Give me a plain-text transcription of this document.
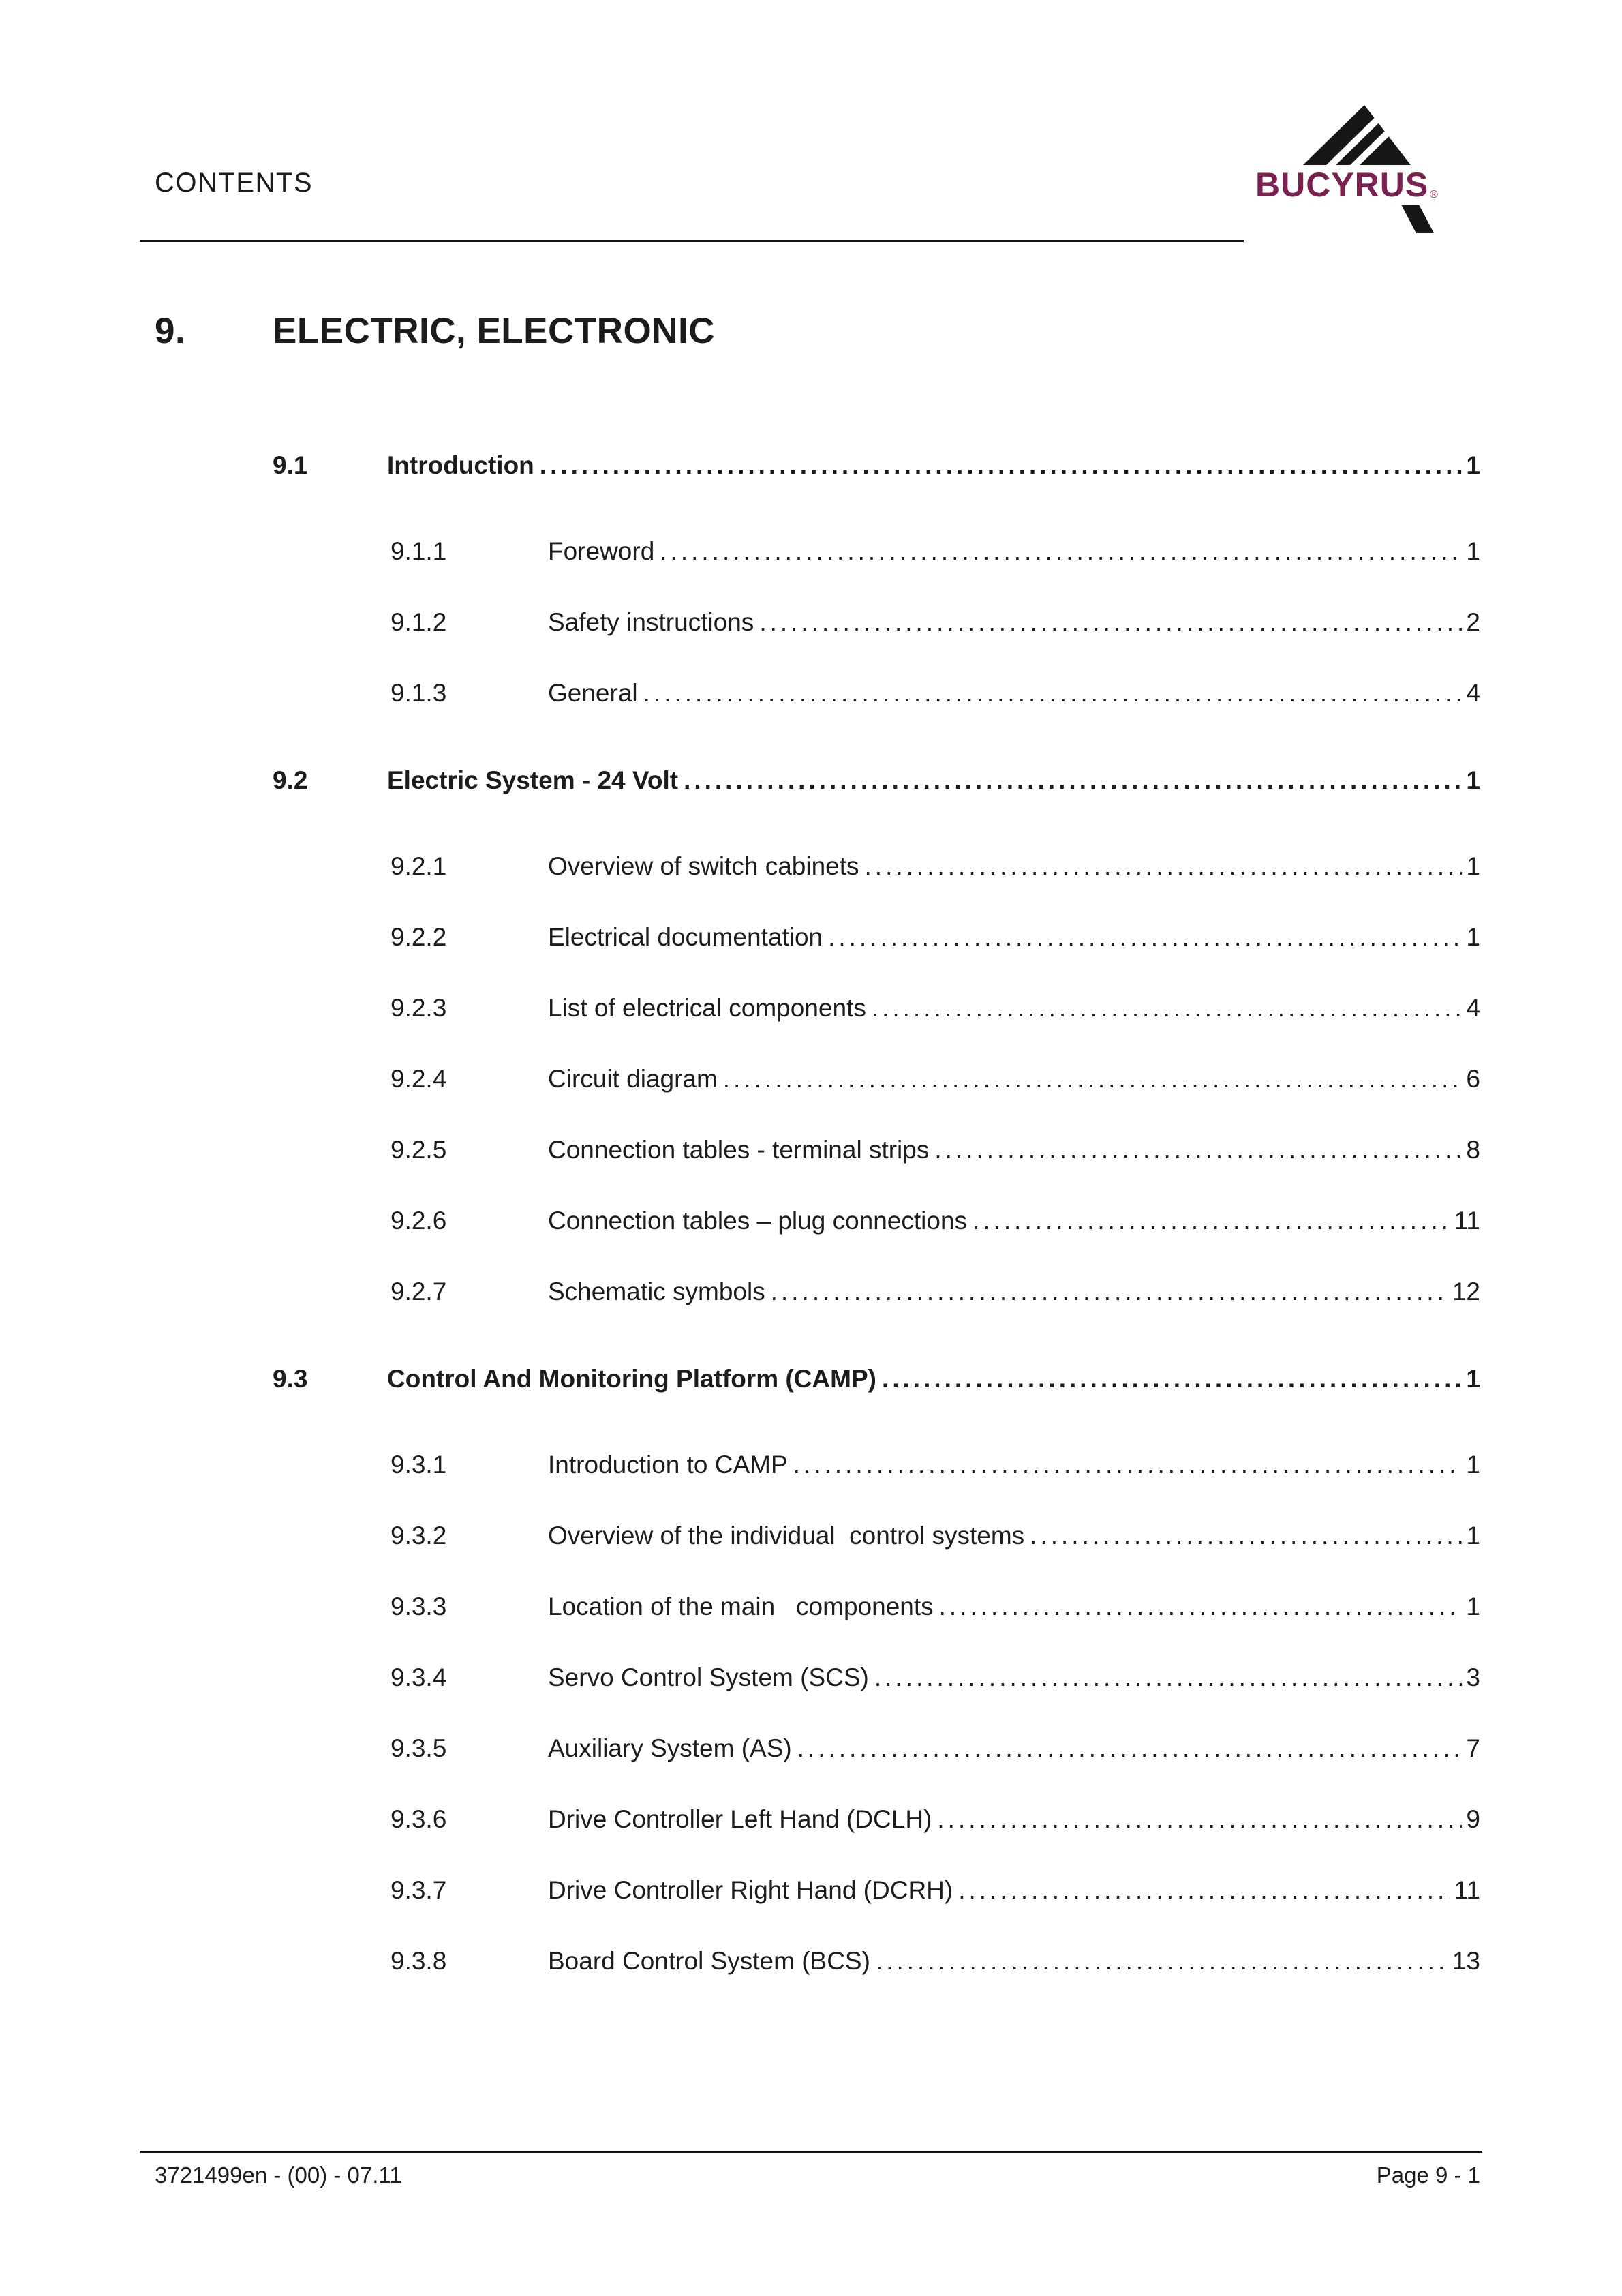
CONTENTS	BUCYRUS ®
9.	ELECTRIC, ELECTRONIC
9.1	Introduction .....	1
9.1.1	Foreword .....	1
9.1.2	Safety instructions .....	2
9.1.3	General .....	4
9.2	Electric System - 24 Volt .....	1
9.2.1	Overview of switch cabinets .....	1
9.2.2	Electrical documentation .....	1
9.2.3	List of electrical components .....	4
9.2.4	Circuit diagram .....	6
9.2.5	Connection tables - terminal strips .....	8
9.2.6	Connection tables – plug connections .....	11
9.2.7	Schematic symbols .....	12
9.3	Control And Monitoring Platform (CAMP) .....	1
9.3.1	Introduction to CAMP .....	1
9.3.2	Overview of the individual  control systems .....	1
9.3.3	Location of the main   components .....	1
9.3.4	Servo Control System (SCS) .....	3
9.3.5	Auxiliary System (AS) .....	7
9.3.6	Drive Controller Left Hand (DCLH) .....	9
9.3.7	Drive Controller Right Hand (DCRH) .....	11
9.3.8	Board Control System (BCS) .....	13
3721499en - (00) - 07.11	Page 9 - 1
